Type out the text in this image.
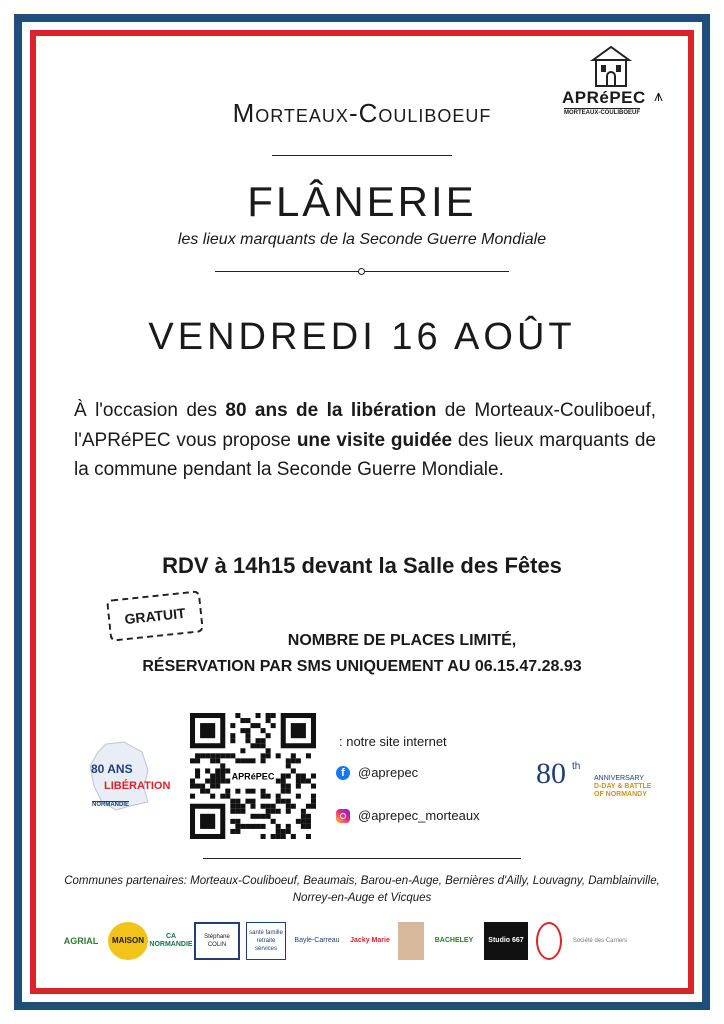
APRéPEC ⩚
MORTEAUX-COULIBOEUF
Morteaux-Couliboeuf
FLÂNERIE
les lieux marquants de la Seconde Guerre Mondiale
VENDREDI 16 AOÛT
À l'occasion des 80 ans de la libération de Morteaux-Couliboeuf, l'APRéPEC vous propose une visite guidée des lieux marquants de la commune pendant la Seconde Guerre Mondiale.
RDV à 14h15 devant la Salle des Fêtes
GRATUIT
NOMBRE DE PLACES LIMITÉ,
RÉSERVATION PAR SMS UNIQUEMENT AU 06.15.47.28.93
80 ANS
LIBÉRATION
NORMANDIE
APRéPEC
: notre site internet
f	@aprepec
@aprepec_morteaux
80 th
ANNIVERSARY
D-DAY & BATTLE
OF NORMANDY
Communes partenaires: Morteaux-Couliboeuf, Beaumais, Barou-en-Auge, Bernières d'Ailly, Louvagny, Damblainville, Norrey-en-Auge et Vicques
AGRIAL	MAISON	CA NORMANDIE
Stéphane COLIN
santé famille retraite services
Bayle-Carreau	Jacky Marie	BACHELEY	Studio 667	Société des Carriers
